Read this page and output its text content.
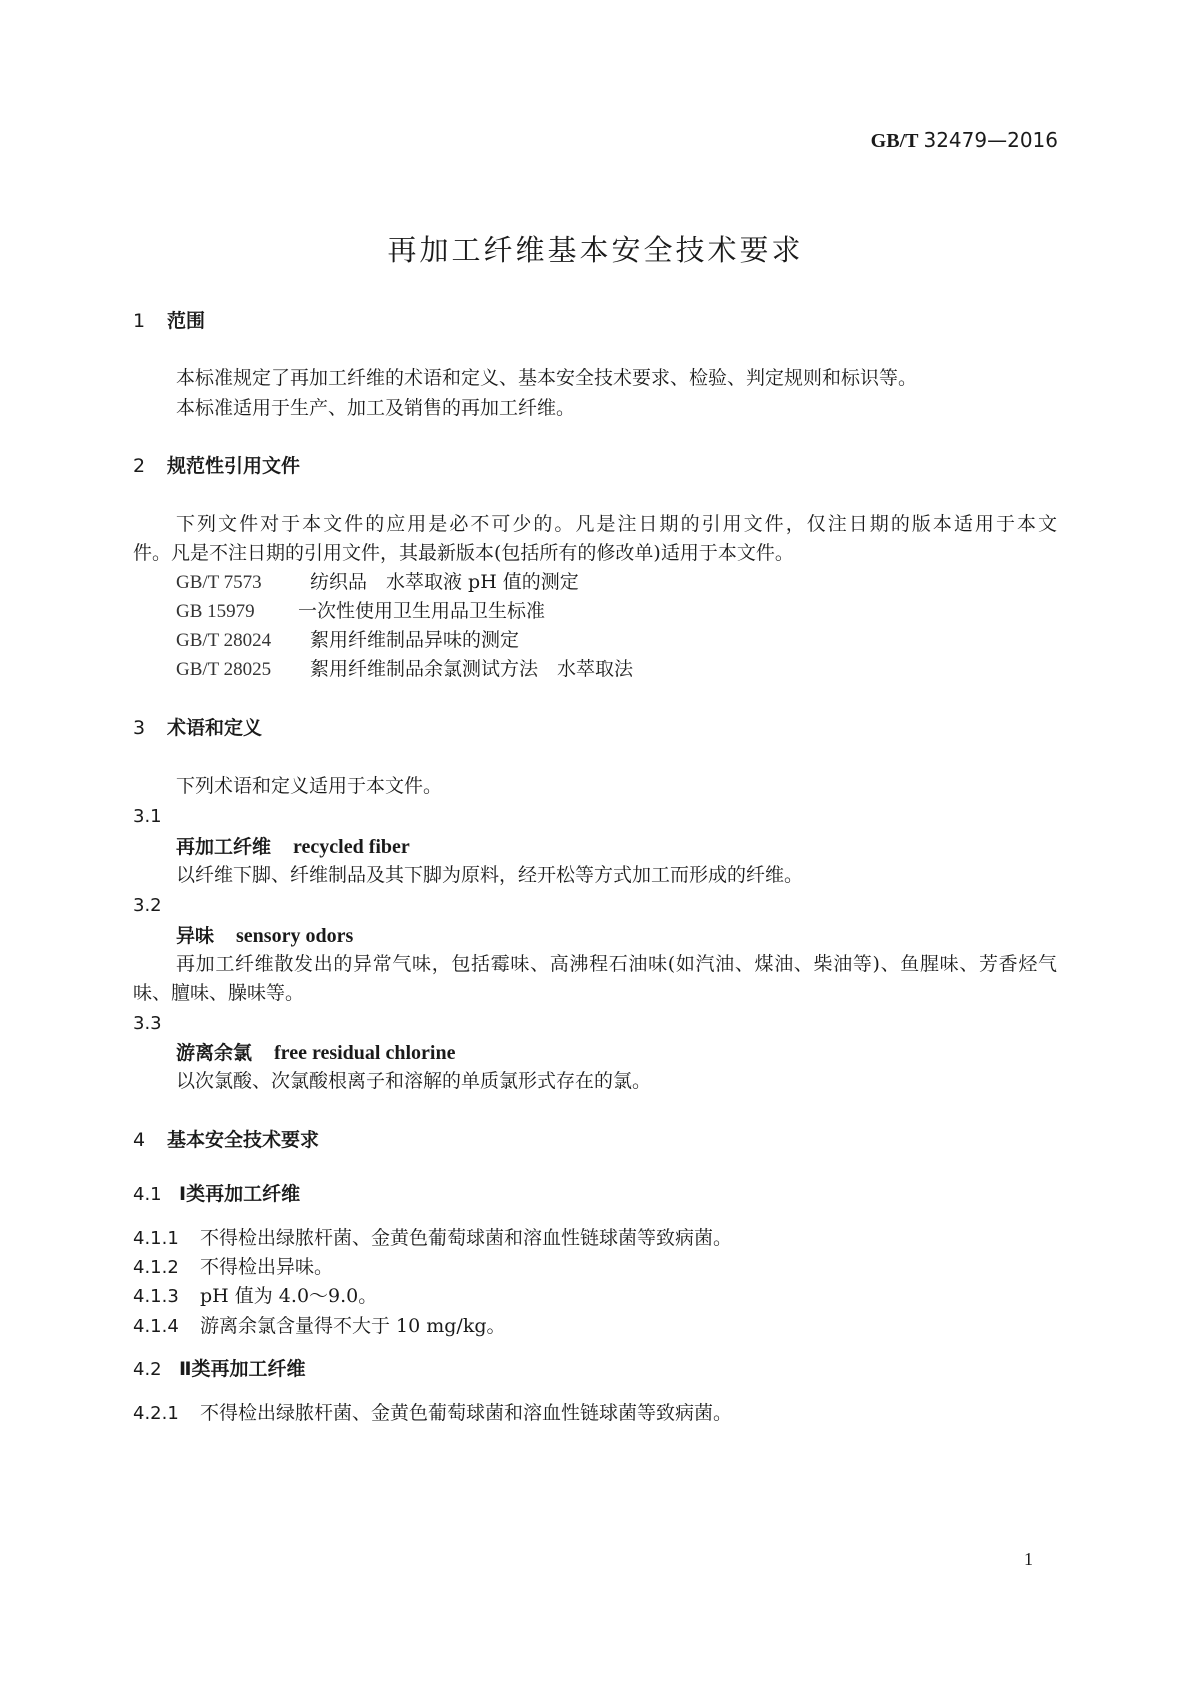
GB/T 32479—2016
再加工纤维基本安全技术要求
1 范围
本标准规定了再加工纤维的术语和定义、基本安全技术要求、检验、判定规则和标识等。
本标准适用于生产、加工及销售的再加工纤维。
2 规范性引用文件
下列文件对于本文件的应用是必不可少的。凡是注日期的引用文件，仅注日期的版本适用于本文
件。凡是不注日期的引用文件，其最新版本(包括所有的修改单)适用于本文件。
GB/T 7573	纺织品　水萃取液 pH 值的测定
GB 15979 一次性使用卫生用品卫生标准
GB/T 28024 絮用纤维制品异味的测定
GB/T 28025 絮用纤维制品余氯测试方法　水萃取法
3 术语和定义
下列术语和定义适用于本文件。
3.1
再加工纤维 recycled fiber
以纤维下脚、纤维制品及其下脚为原料，经开松等方式加工而形成的纤维。
3.2
异味 sensory odors
再加工纤维散发出的异常气味，包括霉味、高沸程石油味(如汽油、煤油、柴油等)、鱼腥味、芳香烃气
味、膻味、臊味等。
3.3
游离余氯 free residual chlorine
以次氯酸、次氯酸根离子和溶解的单质氯形式存在的氯。
4 基本安全技术要求
4.1 Ⅰ类再加工纤维
4.1.1 不得检出绿脓杆菌、金黄色葡萄球菌和溶血性链球菌等致病菌。
4.1.2 不得检出异味。
4.1.3 pH 值为 4.0～9.0。
4.1.4 游离余氯含量得不大于 10 mg/kg。
4.2 Ⅱ类再加工纤维
4.2.1 不得检出绿脓杆菌、金黄色葡萄球菌和溶血性链球菌等致病菌。
1
